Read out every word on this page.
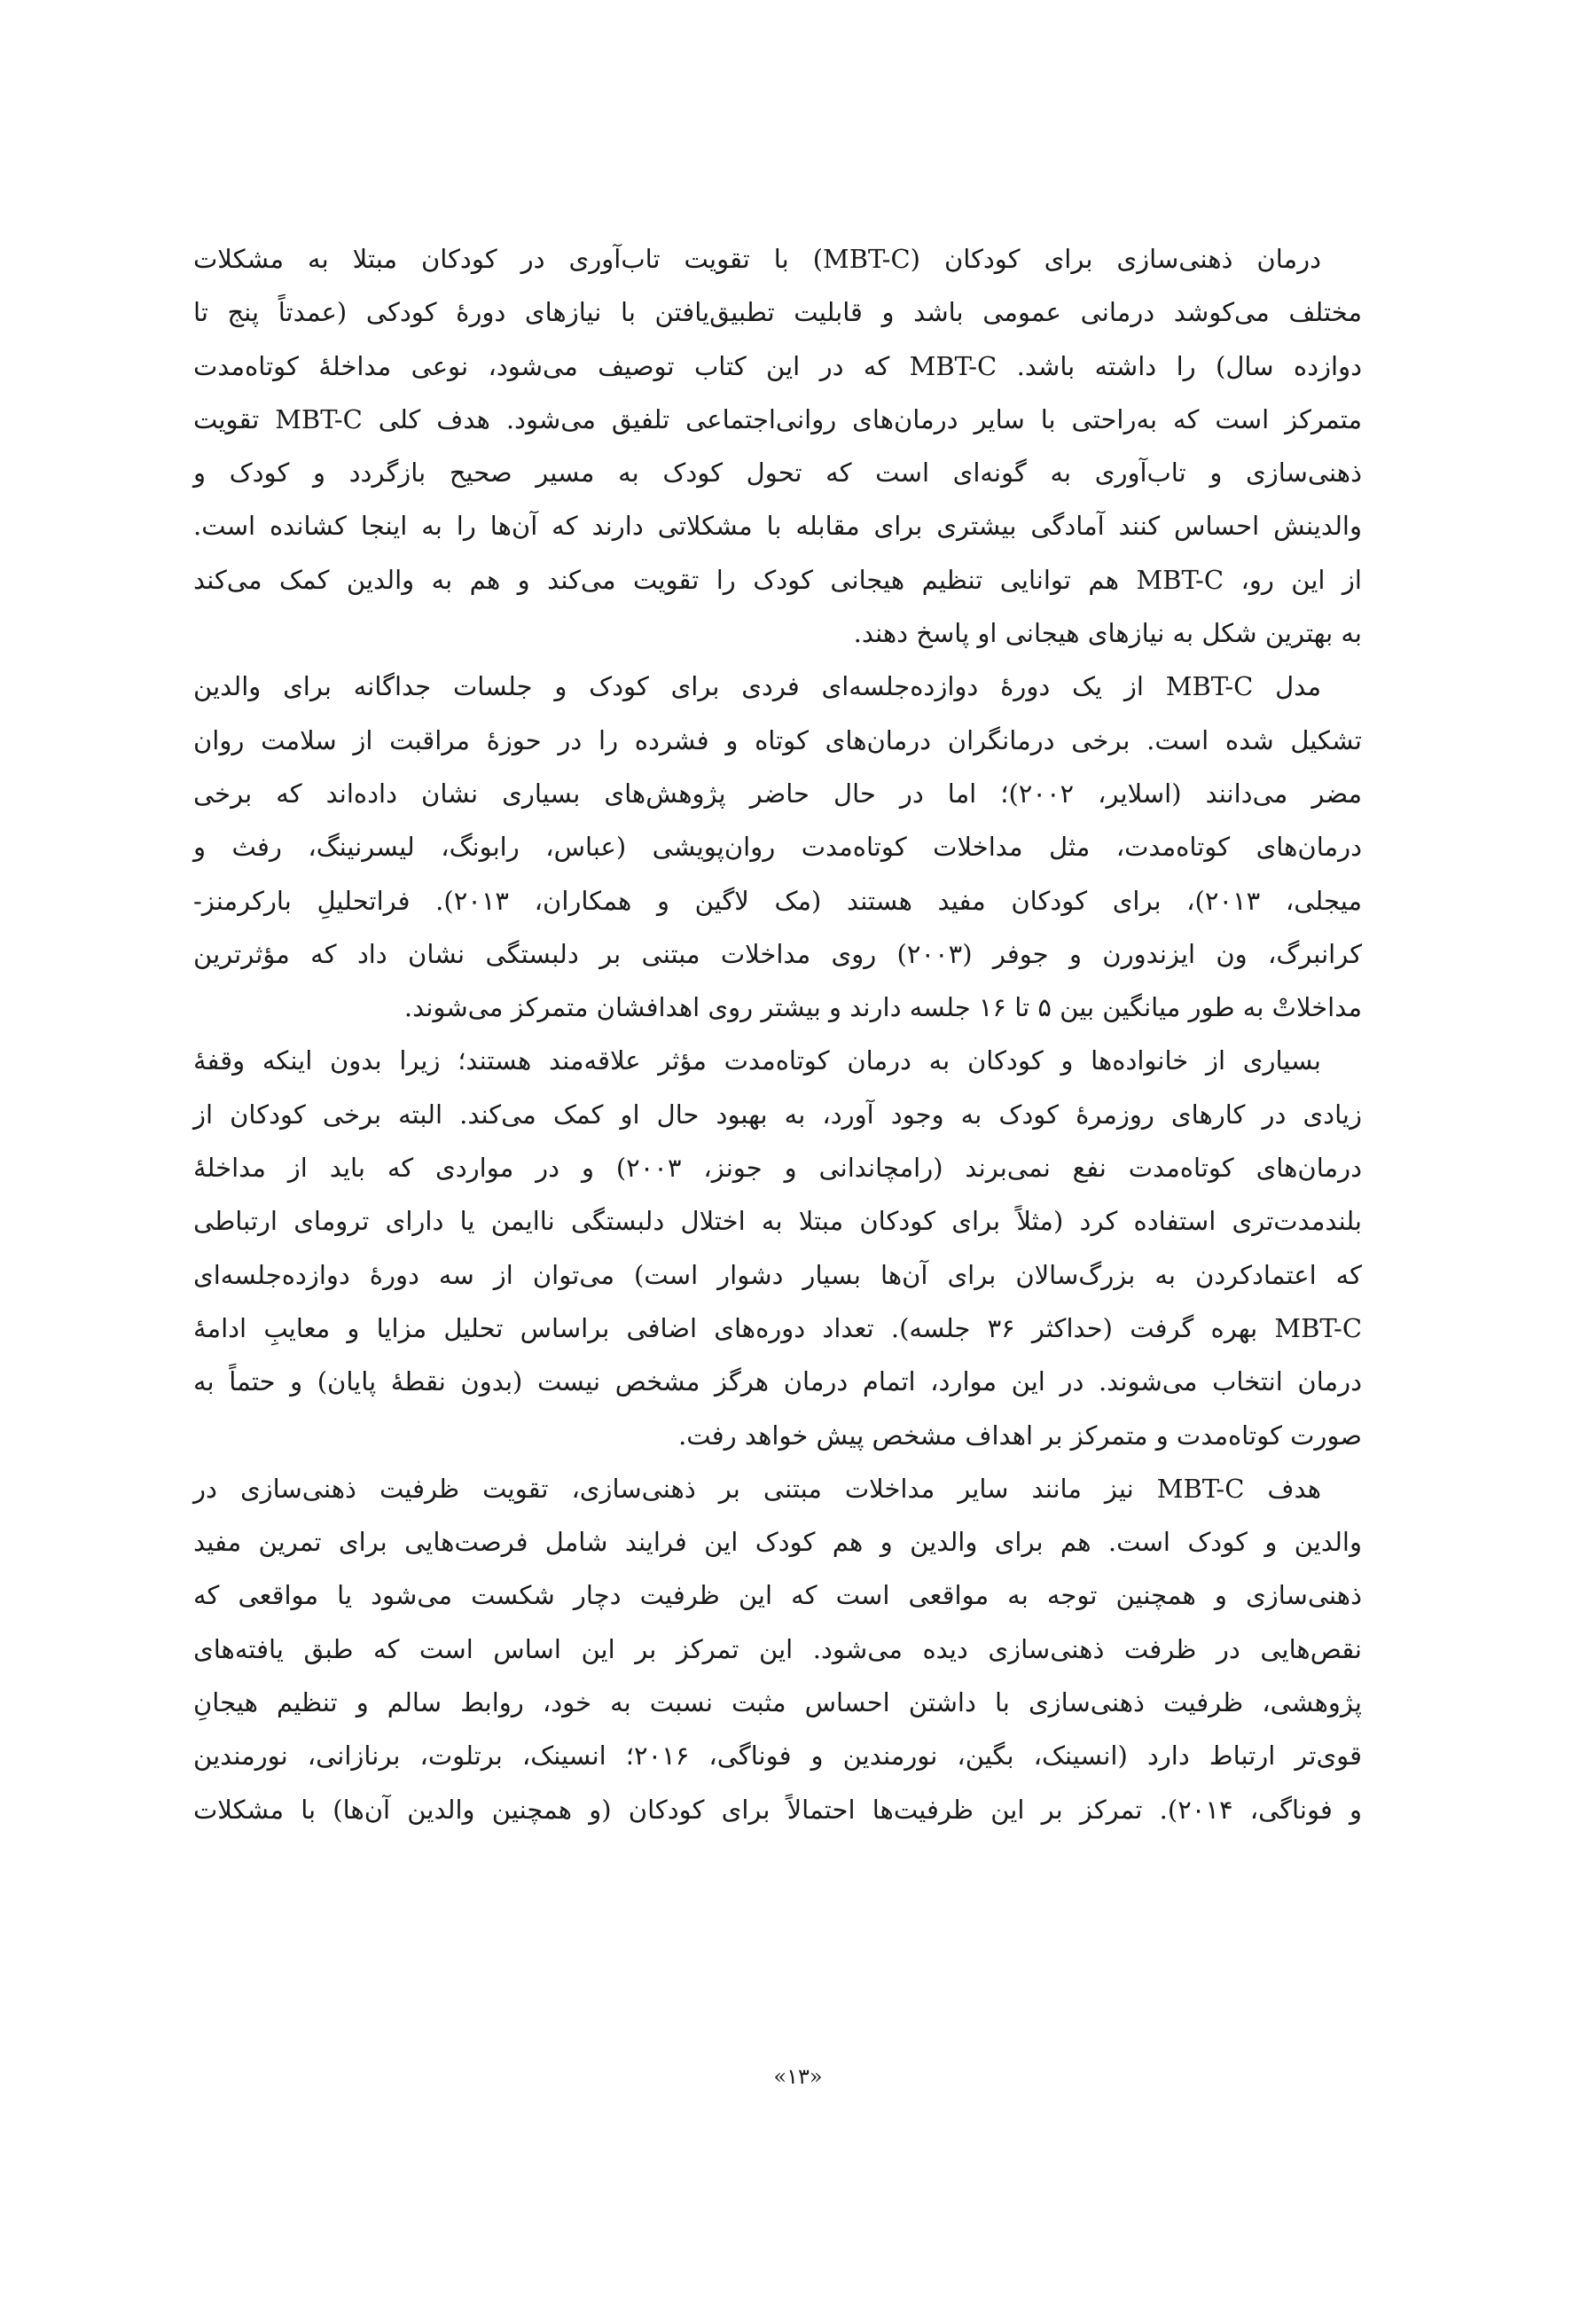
درمان ذهنی‌سازی برای کودکان (MBT-C) با تقویت تاب‌آوری در کودکان مبتلا به مشکلات
مختلف می‌کوشد درمانی عمومی باشد و قابلیت تطبیق‌یافتن با نیازهای دورهٔ کودکی (عمدتاً پنج تا
دوازده سال) را داشته باشد. MBT-C که در این کتاب توصیف می‌شود، نوعی مداخلهٔ کوتاه‌مدت
متمرکز است که به‌راحتی با سایر درمان‌های روانی‌اجتماعی تلفیق می‌شود. هدف کلی MBT-C تقویت
ذهنی‌سازی و تاب‌آوری به گونه‌ای است که تحول کودک به مسیر صحیح بازگردد و کودک و
والدینش احساس کنند آمادگی بیشتری برای مقابله با مشکلاتی دارند که آن‌ها را به اینجا کشانده است.
از این رو، MBT-C هم توانایی تنظیم هیجانی کودک را تقویت می‌کند و هم به والدین کمک می‌کند
به بهترین شکل به نیازهای هیجانی او پاسخ دهند.
مدل MBT-C از یک دورهٔ دوازده‌جلسه‌ای فردی برای کودک و جلسات جداگانه برای والدین
تشکیل شده است. برخی درمانگران درمان‌های کوتاه و فشرده را در حوزهٔ مراقبت از سلامت روان
مضر می‌دانند (اسلایر، ۲۰۰۲)؛ اما در حال حاضر پژوهش‌های بسیاری نشان داده‌اند که برخی
درمان‌های کوتاه‌مدت، مثل مداخلات کوتاه‌مدت روان‌پویشی (عباس، رابونگ، لیسرنینگ، رفث و
میجلی، ۲۰۱۳)، برای کودکان مفید هستند (مک لاگین و همکاران، ۲۰۱۳). فراتحلیلِ بارکرمنز-
کرانبرگ، ون ایزندورن و جوفر (۲۰۰۳) روی مداخلات مبتنی بر دلبستگی نشان داد که مؤثرترین
مداخلاتْ به طور میانگین بین ۵ تا ۱۶ جلسه دارند و بیشتر روی اهدافشان متمرکز می‌شوند.
بسیاری از خانواده‌ها و کودکان به درمان کوتاه‌مدت مؤثر علاقه‌مند هستند؛ زیرا بدون اینکه وقفهٔ
زیادی در کارهای روزمرهٔ کودک به وجود آورد، به بهبود حال او کمک می‌کند. البته برخی کودکان از
درمان‌های کوتاه‌مدت نفع نمی‌برند (رامچاندانی و جونز، ۲۰۰۳) و در مواردی که باید از مداخلهٔ
بلندمدت‌تری استفاده کرد (مثلاً برای کودکان مبتلا به اختلال دلبستگی ناایمن یا دارای ترومای ارتباطی
که اعتمادکردن به بزرگ‌سالان برای آن‌ها بسیار دشوار است) می‌توان از سه دورهٔ دوازده‌جلسه‌ای
MBT-C بهره گرفت (حداکثر ۳۶ جلسه). تعداد دوره‌های اضافی براساس تحلیل مزایا و معایبِ ادامهٔ
درمان انتخاب می‌شوند. در این موارد، اتمام درمان هرگز مشخص نیست (بدون نقطهٔ پایان) و حتماً به
صورت کوتاه‌مدت و متمرکز بر اهداف مشخص پیش خواهد رفت.
هدف MBT-C نیز مانند سایر مداخلات مبتنی بر ذهنی‌سازی، تقویت ظرفیت ذهنی‌سازی در
والدین و کودک است. هم برای والدین و هم کودک این فرایند شامل فرصت‌هایی برای تمرین مفید
ذهنی‌سازی و همچنین توجه به مواقعی است که این ظرفیت دچار شکست می‌شود یا مواقعی که
نقص‌هایی در ظرفت ذهنی‌سازی دیده می‌شود. این تمرکز بر این اساس است که طبق یافته‌های
پژوهشی، ظرفیت ذهنی‌سازی با داشتن احساس مثبت نسبت به خود، روابط سالم و تنظیم هیجانِ
قوی‌تر ارتباط دارد (انسینک، بگین، نورمندین و فوناگی، ۲۰۱۶؛ انسینک، برتلوت، برنازانی، نورمندین
و فوناگی، ۲۰۱۴). تمرکز بر این ظرفیت‌ها احتمالاً برای کودکان (و همچنین والدین آن‌ها) با مشکلات
«۱۳»
